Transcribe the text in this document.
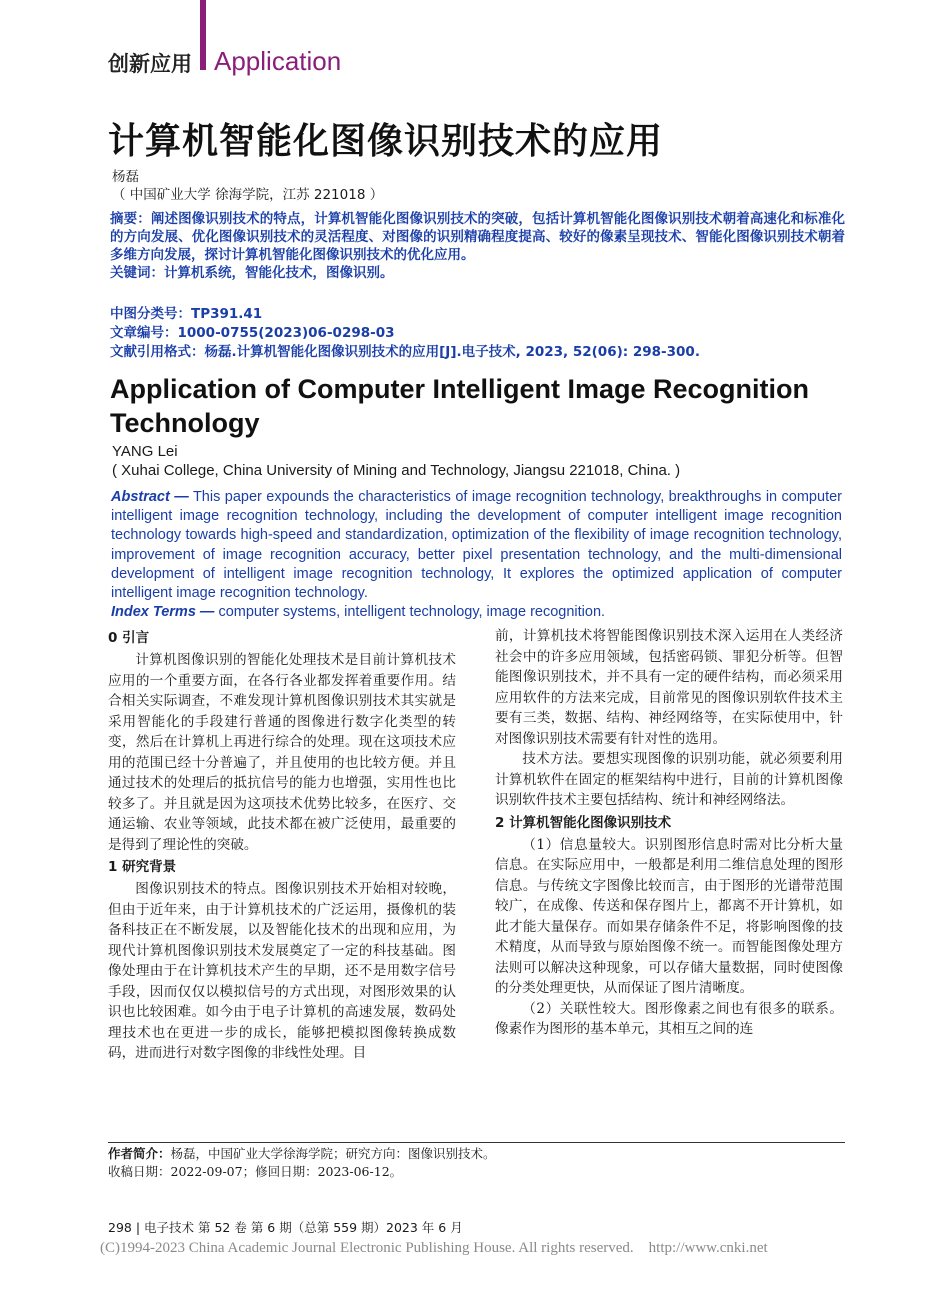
创新应用 Application
计算机智能化图像识别技术的应用
杨磊
（ 中国矿业大学 徐海学院，江苏 221018 ）
摘要：阐述图像识别技术的特点，计算机智能化图像识别技术的突破，包括计算机智能化图像识别技术朝着高速化和标准化的方向发展、优化图像识别技术的灵活程度、对图像的识别精确程度提高、较好的像素呈现技术、智能化图像识别技术朝着多维方向发展，探讨计算机智能化图像识别技术的优化应用。
关键词：计算机系统，智能化技术，图像识别。
中图分类号：TP391.41
文章编号：1000-0755(2023)06-0298-03
文献引用格式：杨磊.计算机智能化图像识别技术的应用[J].电子技术, 2023, 52(06): 298-300.
Application of Computer Intelligent Image Recognition Technology
YANG Lei
( Xuhai College, China University of Mining and Technology, Jiangsu 221018, China. )
Abstract — This paper expounds the characteristics of image recognition technology, breakthroughs in computer intelligent image recognition technology, including the development of computer intelligent image recognition technology towards high-speed and standardization, optimization of the flexibility of image recognition technology, improvement of image recognition accuracy, better pixel presentation technology, and the multi-dimensional development of intelligent image recognition technology, It explores the optimized application of computer intelligent image recognition technology.
Index Terms — computer systems, intelligent technology, image recognition.
0 引言

计算机图像识别的智能化处理技术是目前计算机技术应用的一个重要方面，在各行各业都发挥着重要作用。结合相关实际调查，不难发现计算机图像识别技术其实就是采用智能化的手段建行普通的图像进行数字化类型的转变，然后在计算机上再进行综合的处理。现在这项技术应用的范围已经十分普遍了，并且使用的也比较方便。并且通过技术的处理后的抵抗信号的能力也增强，实用性也比较多了。并且就是因为这项技术优势比较多，在医疗、交通运输、农业等领域，此技术都在被广泛使用，最重要的是得到了理论性的突破。

1 研究背景

图像识别技术的特点。图像识别技术开始相对较晚，但由于近年来，由于计算机技术的广泛运用，摄像机的装备科技正在不断发展，以及智能化技术的出现和应用，为现代计算机图像识别技术发展奠定了一定的科技基础。图像处理由于在计算机技术产生的早期，还不是用数字信号手段，因而仅仅以模拟信号的方式出现，对图形效果的认识也比较困难。如今由于电子计算机的高速发展，数码处理技术也在更进一步的成长，能够把模拟图像转换成数码，进而进行对数字图像的非线性处理。目

前，计算机技术将智能图像识别技术深入运用在人类经济社会中的许多应用领域，包括密码锁、罪犯分析等。但智能图像识别技术，并不具有一定的硬件结构，而必须采用应用软件的方法来完成，目前常见的图像识别软件技术主要有三类，数据、结构、神经网络等，在实际使用中，针对图像识别技术需要有针对性的选用。

技术方法。要想实现图像的识别功能，就必须要利用计算机软件在固定的框架结构中进行，目前的计算机图像识别软件技术主要包括结构、统计和神经网络法。

2 计算机智能化图像识别技术

（1）信息量较大。识别图形信息时需对比分析大量信息。在实际应用中，一般都是利用二维信息处理的图形信息。与传统文字图像比较而言，由于图形的光谱带范围较广，在成像、传送和保存图片上，都离不开计算机，如此才能大量保存。而如果存储条件不足，将影响图像的技术精度，从而导致与原始图像不统一。而智能图像处理方法则可以解决这种现象，可以存储大量数据，同时使图像的分类处理更快，从而保证了图片清晰度。

（2）关联性较大。图形像素之间也有很多的联系。像素作为图形的基本单元，其相互之间的连

作者简介：杨磊，中国矿业大学徐海学院；研究方向：图像识别技术。
收稿日期：2022-09-07；修回日期：2023-06-12。
298 | 电子技术 第 52 卷 第 6 期（总第 559 期）2023 年 6 月
(C)1994-2023 China Academic Journal Electronic Publishing House. All rights reserved.    http://www.cnki.net
